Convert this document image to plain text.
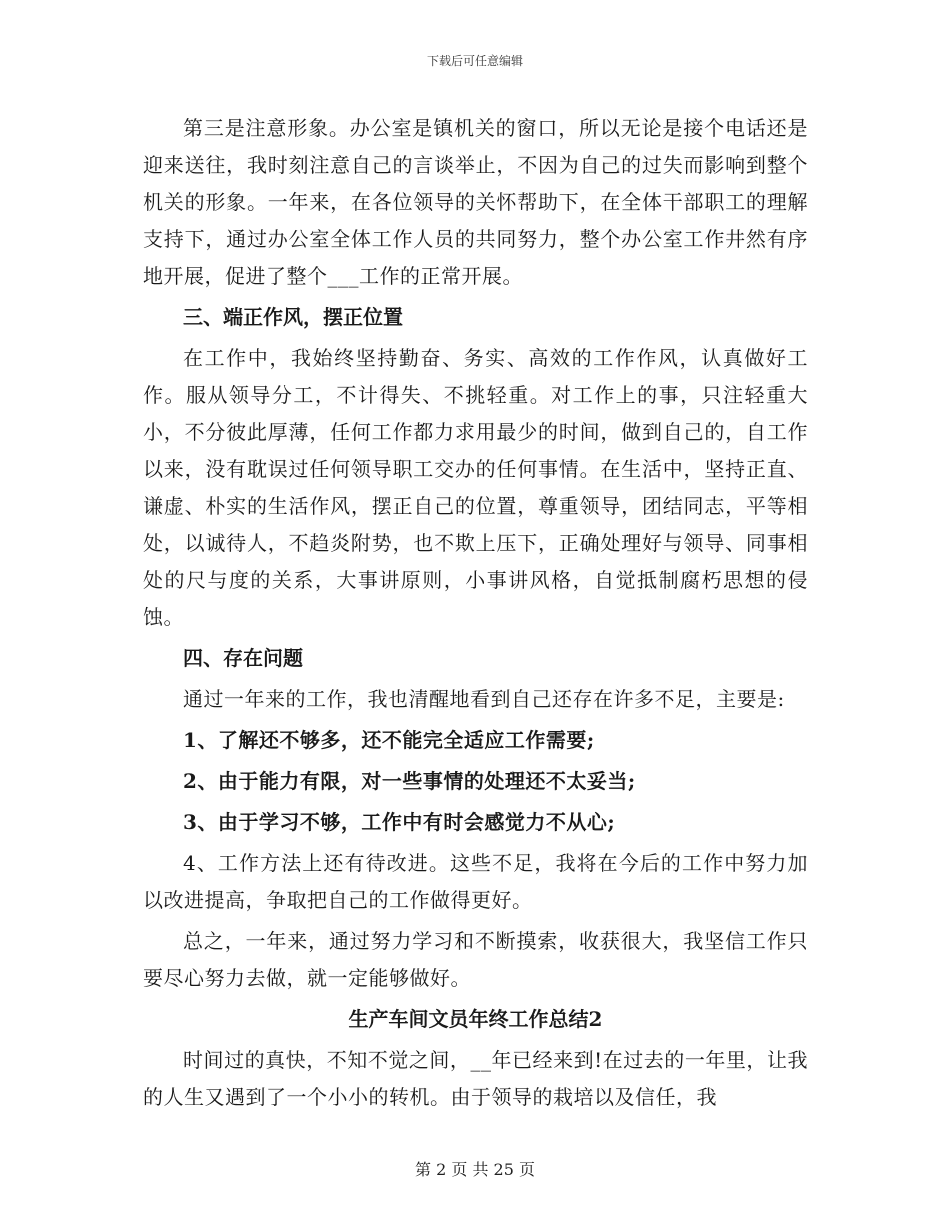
下载后可任意编辑

第三是注意形象。办公室是镇机关的窗口，所以无论是接个电话还是迎来送往，我时刻注意自己的言谈举止，不因为自己的过失而影响到整个机关的形象。一年来，在各位领导的关怀帮助下，在全体干部职工的理解支持下，通过办公室全体工作人员的共同努力，整个办公室工作井然有序地开展，促进了整个___工作的正常开展。

三、端正作风，摆正位置

在工作中，我始终坚持勤奋、务实、高效的工作作风，认真做好工作。服从领导分工，不计得失、不挑轻重。对工作上的事，只注轻重大小，不分彼此厚薄，任何工作都力求用最少的时间，做到自己的，自工作以来，没有耽误过任何领导职工交办的任何事情。在生活中，坚持正直、谦虚、朴实的生活作风，摆正自己的位置，尊重领导，团结同志，平等相处，以诚待人，不趋炎附势，也不欺上压下，正确处理好与领导、同事相处的尺与度的关系，大事讲原则，小事讲风格，自觉抵制腐朽思想的侵蚀。

四、存在问题

通过一年来的工作，我也清醒地看到自己还存在许多不足，主要是:

1、了解还不够多，还不能完全适应工作需要;

2、由于能力有限，对一些事情的处理还不太妥当;

3、由于学习不够，工作中有时会感觉力不从心;

4、工作方法上还有待改进。这些不足，我将在今后的工作中努力加以改进提高，争取把自己的工作做得更好。

总之，一年来，通过努力学习和不断摸索，收获很大，我坚信工作只要尽心努力去做，就一定能够做好。

生产车间文员年终工作总结2

时间过的真快，不知不觉之间，__年已经来到!在过去的一年里，让我的人生又遇到了一个小小的转机。由于领导的栽培以及信任，我

第 2 页 共 25 页
